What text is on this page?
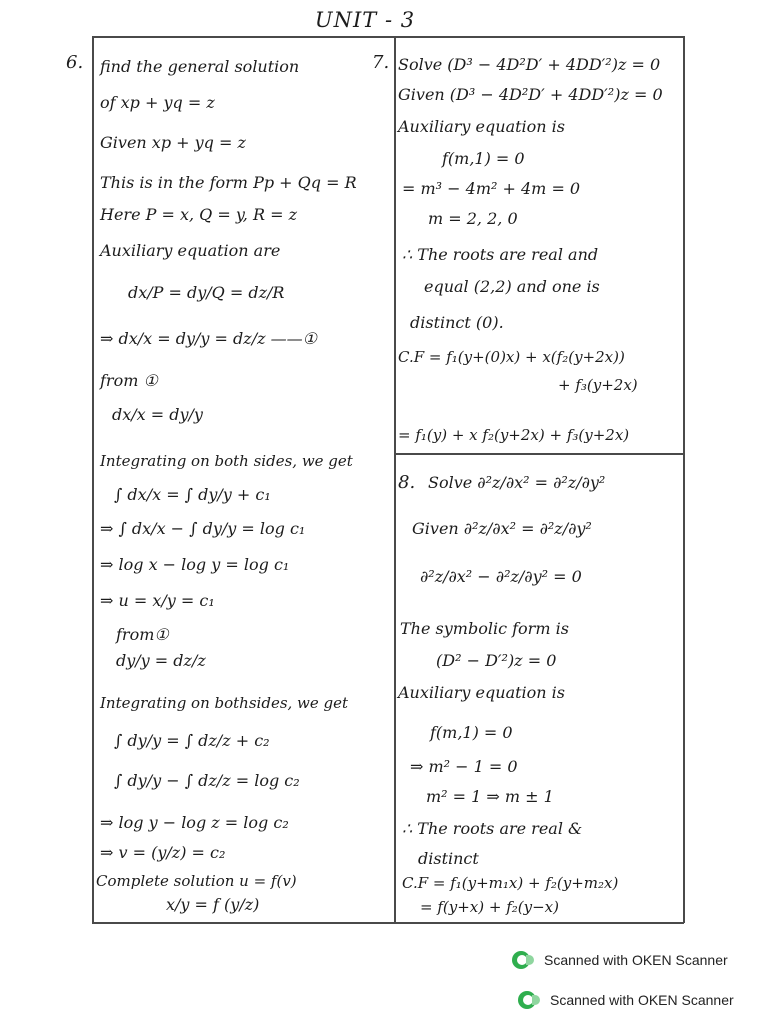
UNIT - 3
6. find the general solution
of xp + yq = z
Given xp + yq = z
This is in the form Pp + Qq = R
Here P = x, Q = y, R = z
Auxiliary equation are
dx/P = dy/Q = dz/R
⇒ dx/x = dy/y = dz/z ——①
from ①
dx/x = dy/y
Integrating on both sides, we get
∫ dx/x = ∫ dy/y + c₁
⇒ ∫ dx/x − ∫ dy/y = log c₁
⇒ log x − log y = log c₁
⇒ u = x/y = c₁
from①
dy/y = dz/z
Integrating on bothsides, we get
∫ dy/y = ∫ dz/z + c₂
∫ dy/y − ∫ dz/z = log c₂
⇒ log y − log z = log c₂
⇒ v = (y/z) = c₂
Complete solution u = f(v)
x/y = f (y/z)
7. Solve (D³ − 4D²D′ + 4DD′²)z = 0
Given (D³ − 4D²D′ + 4DD′²)z = 0
Auxiliary equation is
f(m,1) = 0
= m³ − 4m² + 4m = 0
m = 2, 2, 0
∴ The roots are real and
equal (2,2) and one is
distinct (0).
C.F = f₁(y+(0)x) + x(f₂(y+2x))
+ f₃(y+2x)
= f₁(y) + x f₂(y+2x) + f₃(y+2x)
Solve ∂²z/∂x² = ∂²z/∂y²
Given ∂²z/∂x² = ∂²z/∂y²
∂²z/∂x² − ∂²z/∂y² = 0
The symbolic form is
(D² − D′²)z = 0
Auxiliary equation is
f(m,1) = 0
⇒ m² − 1 = 0
m² = 1 ⇒ m ± 1
∴ The roots are real &
distinct
C.F = f₁(y+m₁x) + f₂(y+m₂x)
= f(y+x) + f₂(y−x)
8.
Scanned with OKEN Scanner
Scanned with OKEN Scanner
